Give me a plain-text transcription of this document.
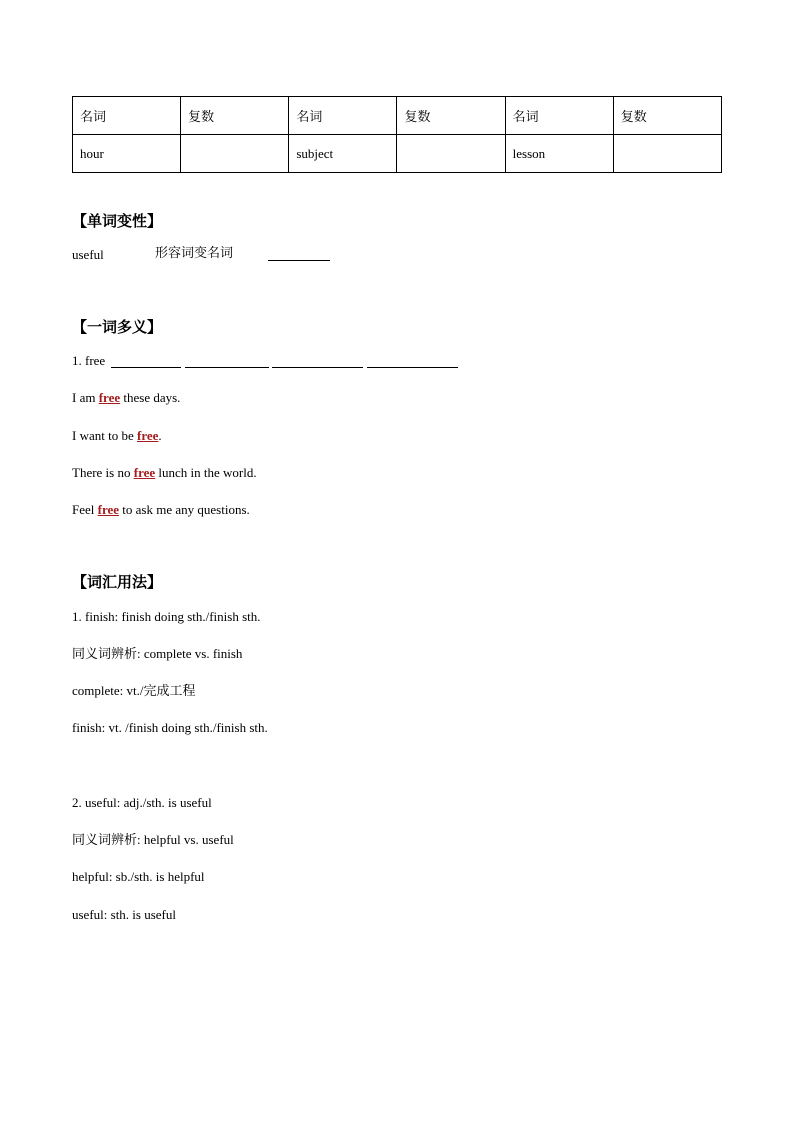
名词	复数	名词	复数	名词	复数
hour		subject		lesson	
【单词变性】
useful	形容词变名词
【一词多义】
1. free
I am free these days.
I want to be free.
There is no free lunch in the world.
Feel free to ask me any questions.
【词汇用法】
1. finish: finish doing sth./finish sth.
同义词辨析: complete vs. finish
complete: vt./完成工程
finish: vt. /finish doing sth./finish sth.
2. useful: adj./sth. is useful
同义词辨析: helpful vs. useful
helpful: sb./sth. is helpful
useful: sth. is useful
